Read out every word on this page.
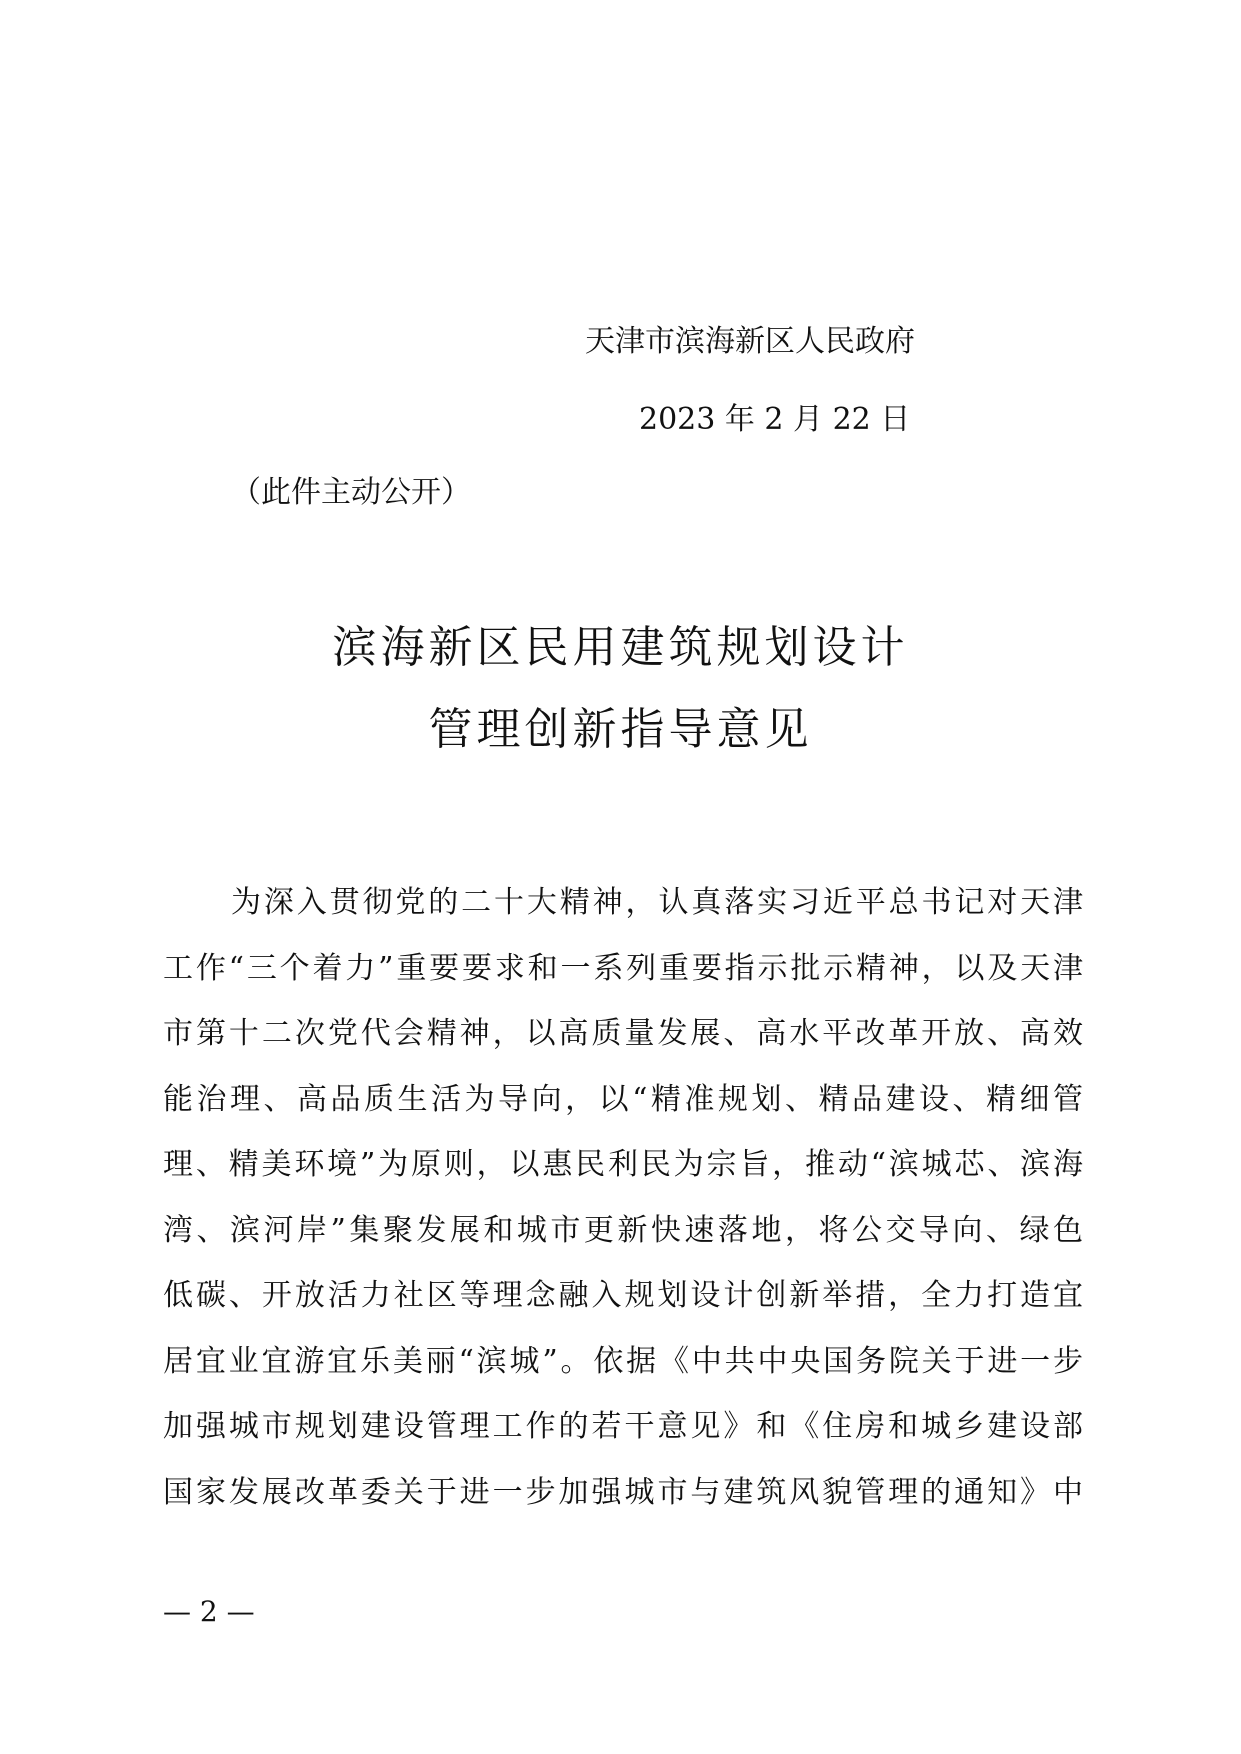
天津市滨海新区人民政府
2023 年 2 月 22 日
（此件主动公开）
滨海新区民用建筑规划设计
管理创新指导意见
为深入贯彻党的二十大精神，认真落实习近平总书记对天津
工作“三个着力”重要要求和一系列重要指示批示精神，以及天津
市第十二次党代会精神，以高质量发展、高水平改革开放、高效
能治理、高品质生活为导向，以“精准规划、精品建设、精细管
理、精美环境”为原则，以惠民利民为宗旨，推动“滨城芯、滨海
湾、滨河岸”集聚发展和城市更新快速落地，将公交导向、绿色
低碳、开放活力社区等理念融入规划设计创新举措，全力打造宜
居宜业宜游宜乐美丽“滨城”。依据《中共中央国务院关于进一步
加强城市规划建设管理工作的若干意见》和《住房和城乡建设部
国家发展改革委关于进一步加强城市与建筑风貌管理的通知》中
— 2 —
